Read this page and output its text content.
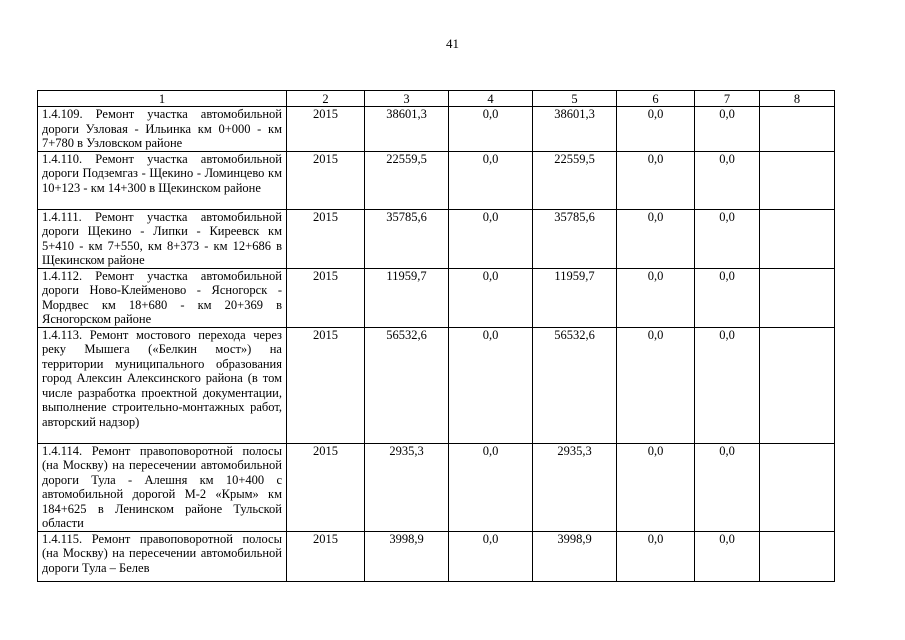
41
1	2	3	4	5	6	7	8
1.4.109. Ремонт участка автомобильной дороги Узловая - Ильинка км 0+000 - км 7+780 в Узловском районе	2015	38601,3	0,0	38601,3	0,0	0,0	
1.4.110. Ремонт участка автомобильной дороги Подземгаз - Щекино - Ломинцево км 10+123 - км 14+300 в Щекинском районе	2015	22559,5	0,0	22559,5	0,0	0,0	
1.4.111. Ремонт участка автомобильной дороги Щекино - Липки - Киреевск км 5+410 - км 7+550, км 8+373 - км 12+686 в Щекинском районе	2015	35785,6	0,0	35785,6	0,0	0,0	
1.4.112. Ремонт участка автомобильной дороги Ново-Клейменово - Ясногорск - Мордвес км 18+680 - км 20+369 в Ясногорском районе	2015	11959,7	0,0	11959,7	0,0	0,0	
1.4.113. Ремонт мостового перехода через реку Мышега («Белкин мост») на территории муниципального образования город Алексин Алексинского района (в том числе разработка проектной документации, выполнение строительно-монтажных работ, авторский надзор)	2015	56532,6	0,0	56532,6	0,0	0,0	
1.4.114. Ремонт правоповоротной полосы (на Москву) на пересечении автомобильной дороги Тула - Алешня км 10+400 с автомобильной дорогой М-2 «Крым» км 184+625 в Ленинском районе Тульской области	2015	2935,3	0,0	2935,3	0,0	0,0	
1.4.115. Ремонт правоповоротной полосы (на Москву) на пересечении автомобильной дороги Тула – Белев	2015	3998,9	0,0	3998,9	0,0	0,0	
